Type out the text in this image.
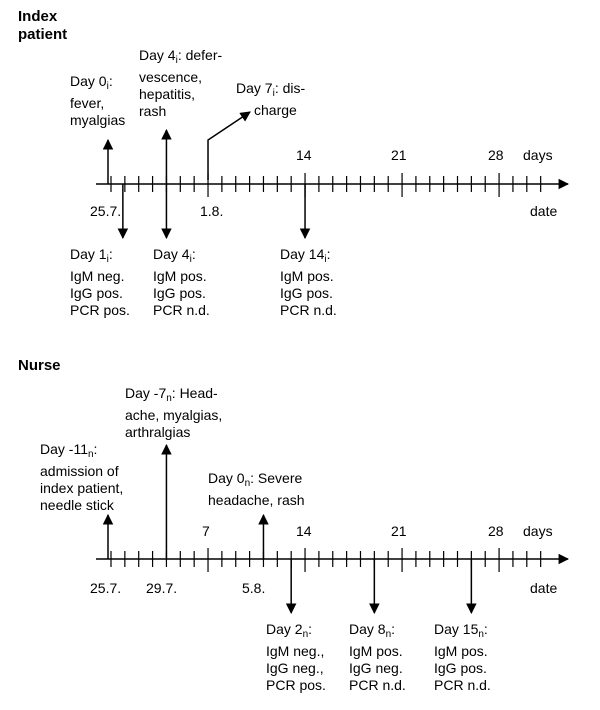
Index
patient
Day $0_i$:
fever,
myalgias
Day $4_i$: defer-
vescence,
hepatitis,
rash
Day $7_i$: dis-
charge
14	21	28 days
25.7.	1.8.	date
Day $1_i$:
IgM neg.
IgG pos.
PCR pos.
Day $4_i$:
IgM pos.
IgG pos.
PCR n.d.
Day $14_i$:
IgM pos.
IgG pos.
PCR n.d.
Nurse
Day $-11_n$:
admission of
index patient,
needle stick
Day $-7_n$: Head-
ache, myalgias,
arthralgias
Day $0_n$: Severe
headache, rash
7	14	21	28 days
25.7. 29.7.	5.8.	date
Day $2_n$:
IgM neg.,
IgG neg.,
PCR pos.
Day $8_n$:
IgM pos.
IgG neg.
PCR n.d.
Day $15_n$:
IgM pos.
IgG pos.
PCR n.d.
